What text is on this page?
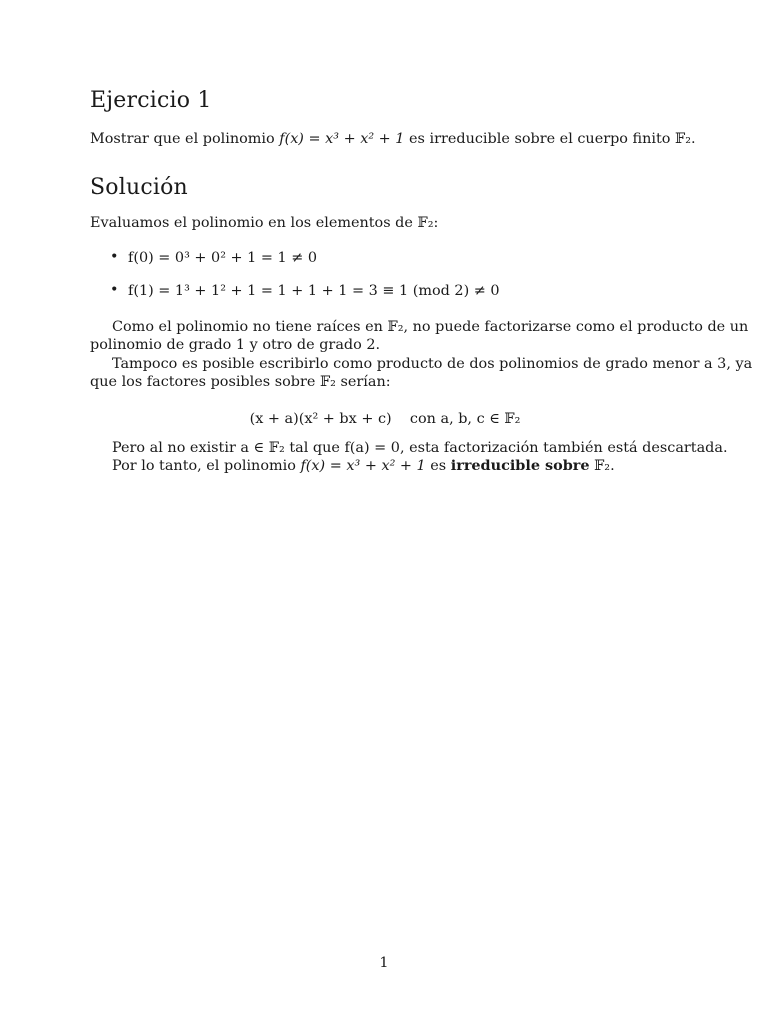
Ejercicio 1

Mostrar que el polinomio f(x) = x³ + x² + 1 es irreducible sobre el cuerpo finito 𝔽₂.

Solución

Evaluamos el polinomio en los elementos de 𝔽₂:

• f(0) = 0³ + 0² + 1 = 1 ≠ 0

• f(1) = 1³ + 1² + 1 = 1 + 1 + 1 = 3 ≡ 1 (mod 2) ≠ 0

Como el polinomio no tiene raíces en 𝔽₂, no puede factorizarse como el producto de un

polinomio de grado 1 y otro de grado 2.

Tampoco es posible escribirlo como producto de dos polinomios de grado menor a 3, ya

que los factores posibles sobre 𝔽₂ serían:

(x + a)(x² + bx + c)    con a, b, c ∈ 𝔽₂

Pero al no existir a ∈ 𝔽₂ tal que f(a) = 0, esta factorización también está descartada.

Por lo tanto, el polinomio f(x) = x³ + x² + 1 es irreducible sobre 𝔽₂.

1
